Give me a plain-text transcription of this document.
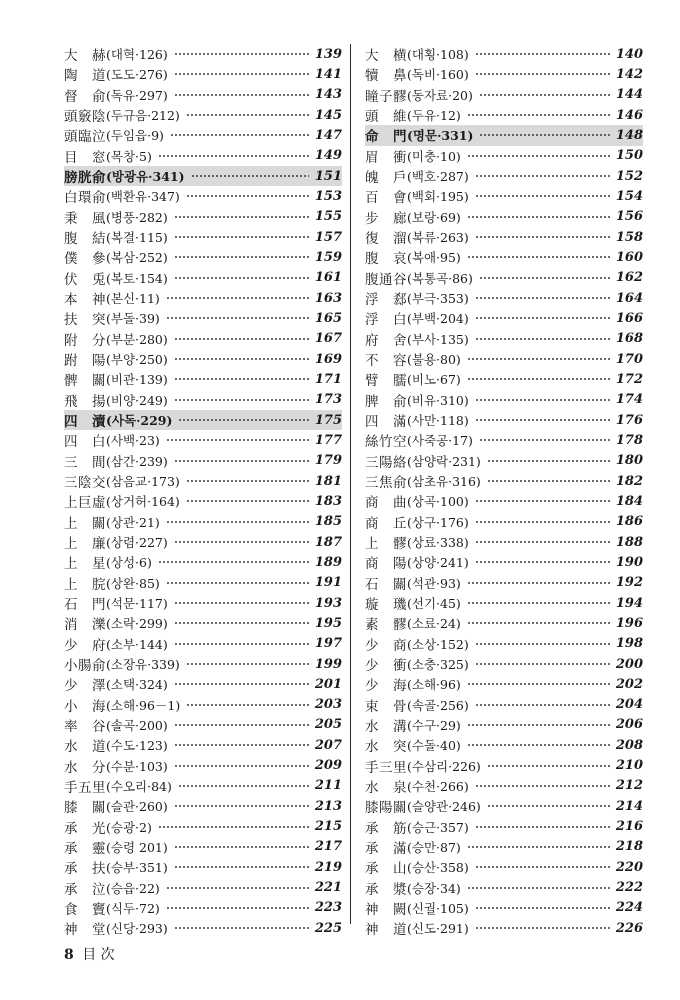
大　赫 (대혁·126)	139
陶　道 (도도·276)	141
督　俞 (독유·297)	143
頭竅陰 (두규음·212)	145
頭臨泣 (두임읍·9)	147
目　窓 (목창·5)	149
膀胱俞 (방광유·341)	151
白環俞 (백환유·347)	153
秉　風 (병풍·282)	155
腹　結 (복결·115)	157
僕　參 (복삼·252)	159
伏　兎 (복토·154)	161
本　神 (본신·11)	163
扶　突 (부돌·39)	165
附　分 (부분·280)	167
跗　陽 (부양·250)	169
髀　關 (비관·139)	171
飛　揚 (비양·249)	173
四　瀆 (사독·229)	175
四　白 (사백·23)	177
三　間 (삼간·239)	179
三陰交 (삼음교·173)	181
上巨虛 (상거허·164)	183
上　關 (상관·21)	185
上　廉 (상렴·227)	187
上　星 (상성·6)	189
上　脘 (상완·85)	191
石　門 (석문·117)	193
消　濼 (소락·299)	195
少　府 (소부·144)	197
小腸俞 (소장유·339)	199
少　澤 (소택·324)	201
小　海 (소해·96－1)	203
率　谷 (솔곡·200)	205
水　道 (수도·123)	207
水　分 (수분·103)	209
手五里 (수오리·84)	211
膝　關 (슬관·260)	213
承　光 (승광·2)	215
承　靈 (승령 201)	217
承　扶 (승부·351)	219
承　泣 (승읍·22)	221
食　竇 (식두·72)	223
神　堂 (신당·293)	225
大　横 (대횡·108)	140
犢　鼻 (독비·160)	142
瞳子髎 (동자료·20)	144
頭　維 (두유·12)	146
命　門 (명문·331)	148
眉　衝 (미충·10)	150
魄　戶 (백호·287)	152
百　會 (백회·195)	154
步　廊 (보랑·69)	156
復　溜 (복류·263)	158
腹　哀 (복애·95)	160
腹通谷 (복통곡·86)	162
浮　郄 (부극·353)	164
浮　白 (부백·204)	166
府　舍 (부사·135)	168
不　容 (불용·80)	170
臂　臑 (비노·67)	172
脾　俞 (비유·310)	174
四　滿 (사만·118)	176
絲竹空 (사죽공·17)	178
三陽絡 (삼양락·231)	180
三焦俞 (삼초유·316)	182
商　曲 (상곡·100)	184
商　丘 (상구·176)	186
上　髎 (상료·338)	188
商　陽 (상양·241)	190
石　關 (석관·93)	192
璇　璣 (선기·45)	194
素　髎 (소료·24)	196
少　商 (소상·152)	198
少　衝 (소충·325)	200
少　海 (소해·96)	202
束　骨 (속골·256)	204
水　溝 (수구·29)	206
水　突 (수돌·40)	208
手三里 (수삼리·226)	210
水　泉 (수천·266)	212
膝陽關 (슬양관·246)	214
承　筋 (승근·357)	216
承　滿 (승만·87)	218
承　山 (승산·358)	220
承　漿 (승장·34)	222
神　闕 (신궐·105)	224
神　道 (신도·291)	226
8 目 次
